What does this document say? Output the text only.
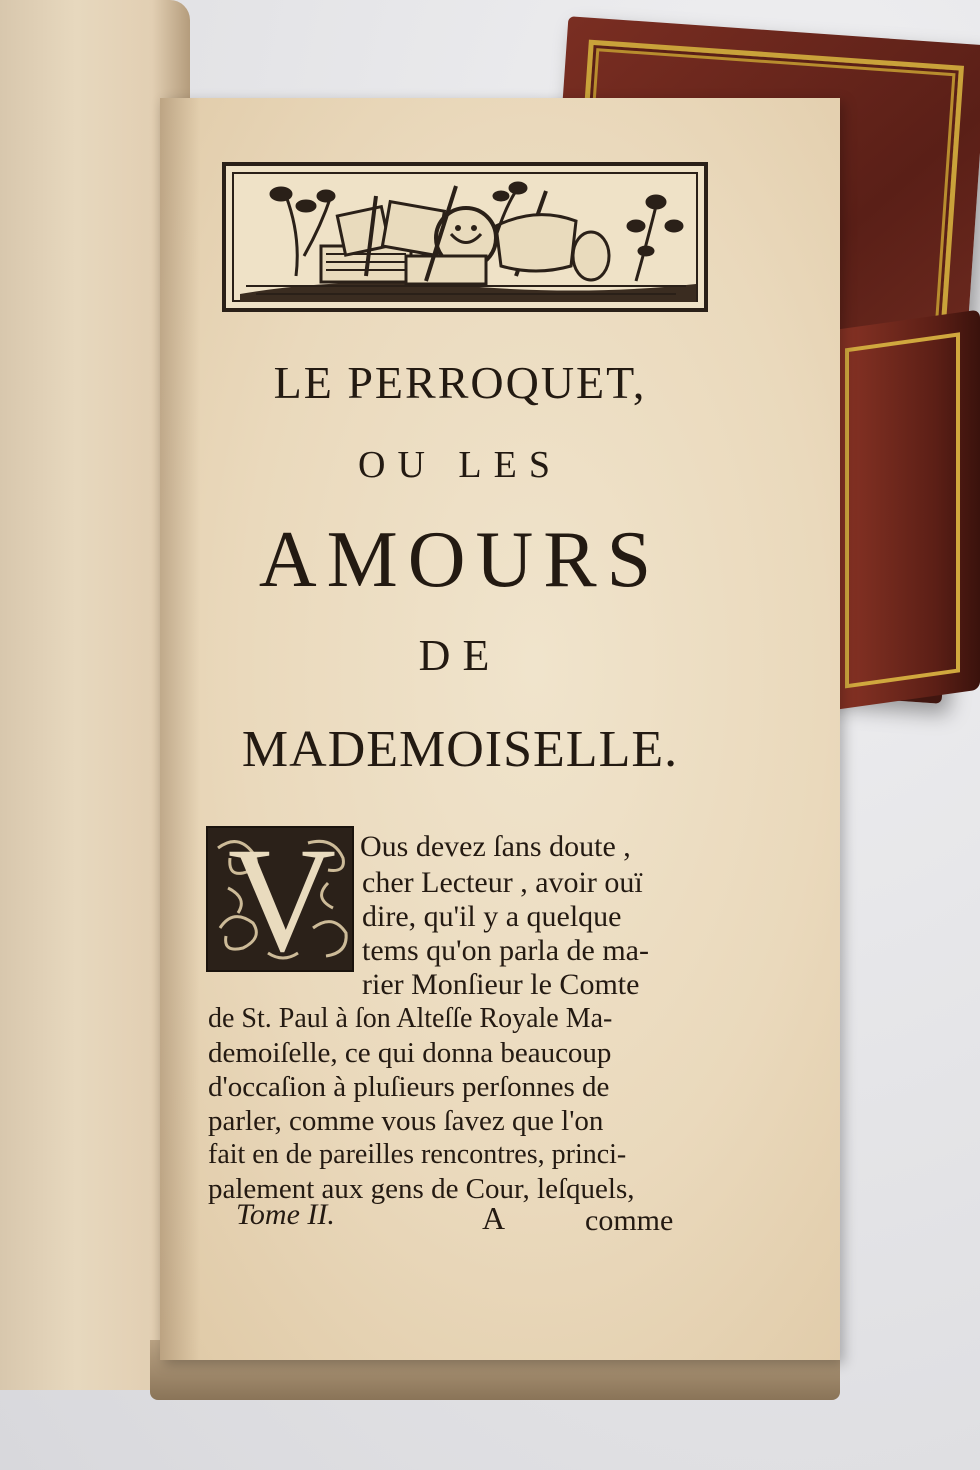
LE PERROQUET,
OU LES
AMOURS
DE
MADEMOISELLE.
V Ous devez ſans doute ,
cher Lecteur , avoir ouï
dire, qu'il y a quelque
tems qu'on parla de ma-
rier Monſieur le Comte
de St. Paul à ſon Alteſſe Royale Ma-
demoiſelle, ce qui donna beaucoup
d'occaſion à pluſieurs perſonnes de
parler, comme vous ſavez que l'on
fait en de pareilles rencontres, princi-
palement aux gens de Cour, leſquels,
Tome II.	A	comme
